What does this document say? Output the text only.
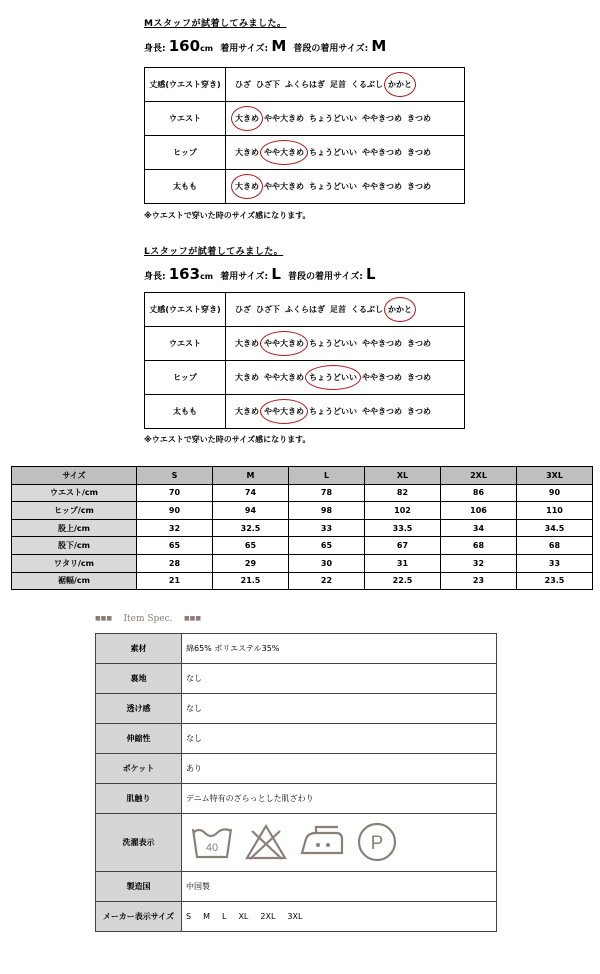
Mスタッフが試着してみました。
身長: 160cm 着用サイズ: M 普段の着用サイズ: M
丈感(ウエスト穿き)	ひざ ひざ下 ふくらはぎ 足首 くるぶし かかと
ウエスト	大きめ やや大きめ ちょうどいい ややきつめ きつめ
ヒップ	大きめ やや大きめ ちょうどいい ややきつめ きつめ
太もも	大きめ やや大きめ ちょうどいい ややきつめ きつめ
※ウエストで穿いた時のサイズ感になります。
Lスタッフが試着してみました。
身長: 163cm 着用サイズ: L 普段の着用サイズ: L
丈感(ウエスト穿き)	ひざ ひざ下 ふくらはぎ 足首 くるぶし かかと
ウエスト	大きめ やや大きめ ちょうどいい ややきつめ きつめ
ヒップ	大きめ やや大きめ ちょうどいい ややきつめ きつめ
太もも	大きめ やや大きめ ちょうどいい ややきつめ きつめ
※ウエストで穿いた時のサイズ感になります。
サイズ	S	M	L	XL	2XL	3XL
ウエスト/cm	70	74	78	82	86	90
ヒップ/cm	90	94	98	102	106	110
股上/cm	32	32.5	33	33.5	34	34.5
股下/cm	65	65	65	67	68	68
ワタリ/cm	28	29	30	31	32	33
裾幅/cm	21	21.5	22	22.5	23	23.5
■■■ Item Spec. ■■■
素材	綿65% ポリエステル35%
裏地	なし
透け感	なし
伸縮性	なし
ポケット	あり
肌触り	デニム特有のざらっとした肌ざわり
洗濯表示	40 P

製造国	中国製
メーカー表示サイズ	S M L XL 2XL 3XL
